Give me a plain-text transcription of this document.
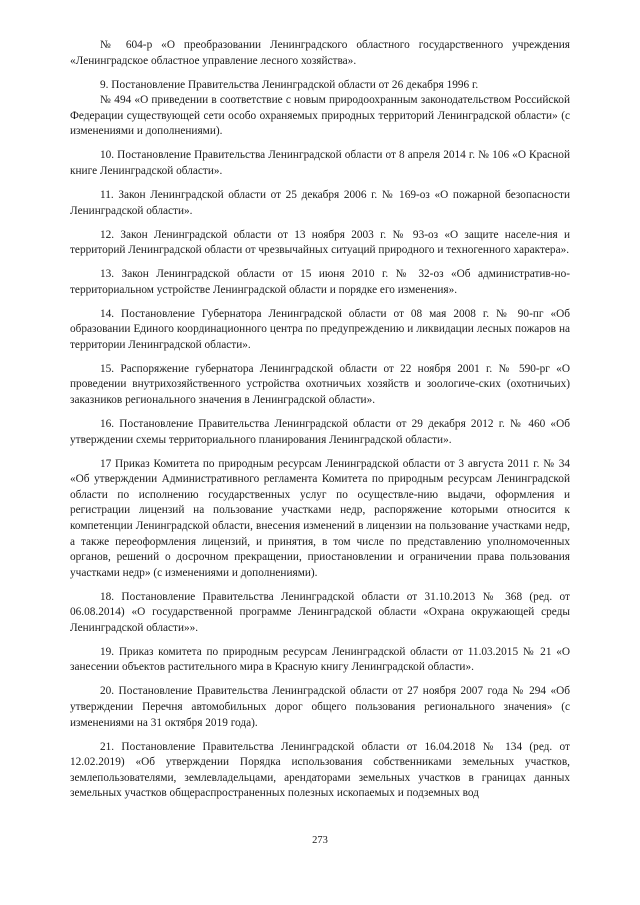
№ 604-р «О преобразовании Ленинградского областного государственного учреждения «Ленинградское областное управление лесного хозяйства».

9. Постановление Правительства Ленинградской области от 26 декабря 1996 г.

№ 494 «О приведении в соответствие с новым природоохранным законодательством Российской Федерации существующей сети особо охраняемых природных территорий Ленинградской области» (с изменениями и дополнениями).

10. Постановление Правительства Ленинградской области от 8 апреля 2014 г. № 106 «О Красной книге Ленинградской области».

11. Закон Ленинградской области от 25 декабря 2006 г. № 169-оз «О пожарной безопасности Ленинградской области».

12. Закон Ленинградской области от 13 ноября 2003 г. № 93-оз «О защите населе-ния и территорий Ленинградской области от чрезвычайных ситуаций природного и техногенного характера».

13. Закон Ленинградской области от 15 июня 2010 г. № 32-оз «Об административ-но-территориальном устройстве Ленинградской области и порядке его изменения».

14. Постановление Губернатора Ленинградской области от 08 мая 2008 г. № 90-пг «Об образовании Единого координационного центра по предупреждению и ликвидации лесных пожаров на территории Ленинградской области».

15. Распоряжение губернатора Ленинградской области от 22 ноября 2001 г. № 590-рг «О проведении внутрихозяйственного устройства охотничьих хозяйств и зоологиче-ских (охотничьих) заказников регионального значения в Ленинградской области».

16. Постановление Правительства Ленинградской области от 29 декабря 2012 г. № 460 «Об утверждении схемы территориального планирования Ленинградской области».

17 Приказ Комитета по природным ресурсам Ленинградской области от 3 августа 2011 г. № 34 «Об утверждении Административного регламента Комитета по природным ресурсам Ленинградской области по исполнению государственных услуг по осуществле-нию выдачи, оформления и регистрации лицензий на пользование участками недр, распоряжение которыми относится к компетенции Ленинградской области, внесения изменений в лицензии на пользование участками недр, а также переоформления лицензий, и принятия, в том числе по представлению уполномоченных органов, решений о досрочном прекращении, приостановлении и ограничении права пользования участками недр» (с изменениями и дополнениями).

18. Постановление Правительства Ленинградской области от 31.10.2013 № 368 (ред. от 06.08.2014) «О государственной программе Ленинградской области «Охрана окружающей среды Ленинградской области»».

19. Приказ комитета по природным ресурсам Ленинградской области от 11.03.2015 № 21 «О занесении объектов растительного мира в Красную книгу Ленинградской области».

20. Постановление Правительства Ленинградской области от 27 ноября 2007 года № 294 «Об утверждении Перечня автомобильных дорог общего пользования регионального значения» (с изменениями на 31 октября 2019 года).

21. Постановление Правительства Ленинградской области от 16.04.2018 № 134 (ред. от 12.02.2019) «Об утверждении Порядка использования собственниками земельных участков, землепользователями, землевладельцами, арендаторами земельных участков в границах данных земельных участков общераспространенных полезных ископаемых и подземных вод

273
